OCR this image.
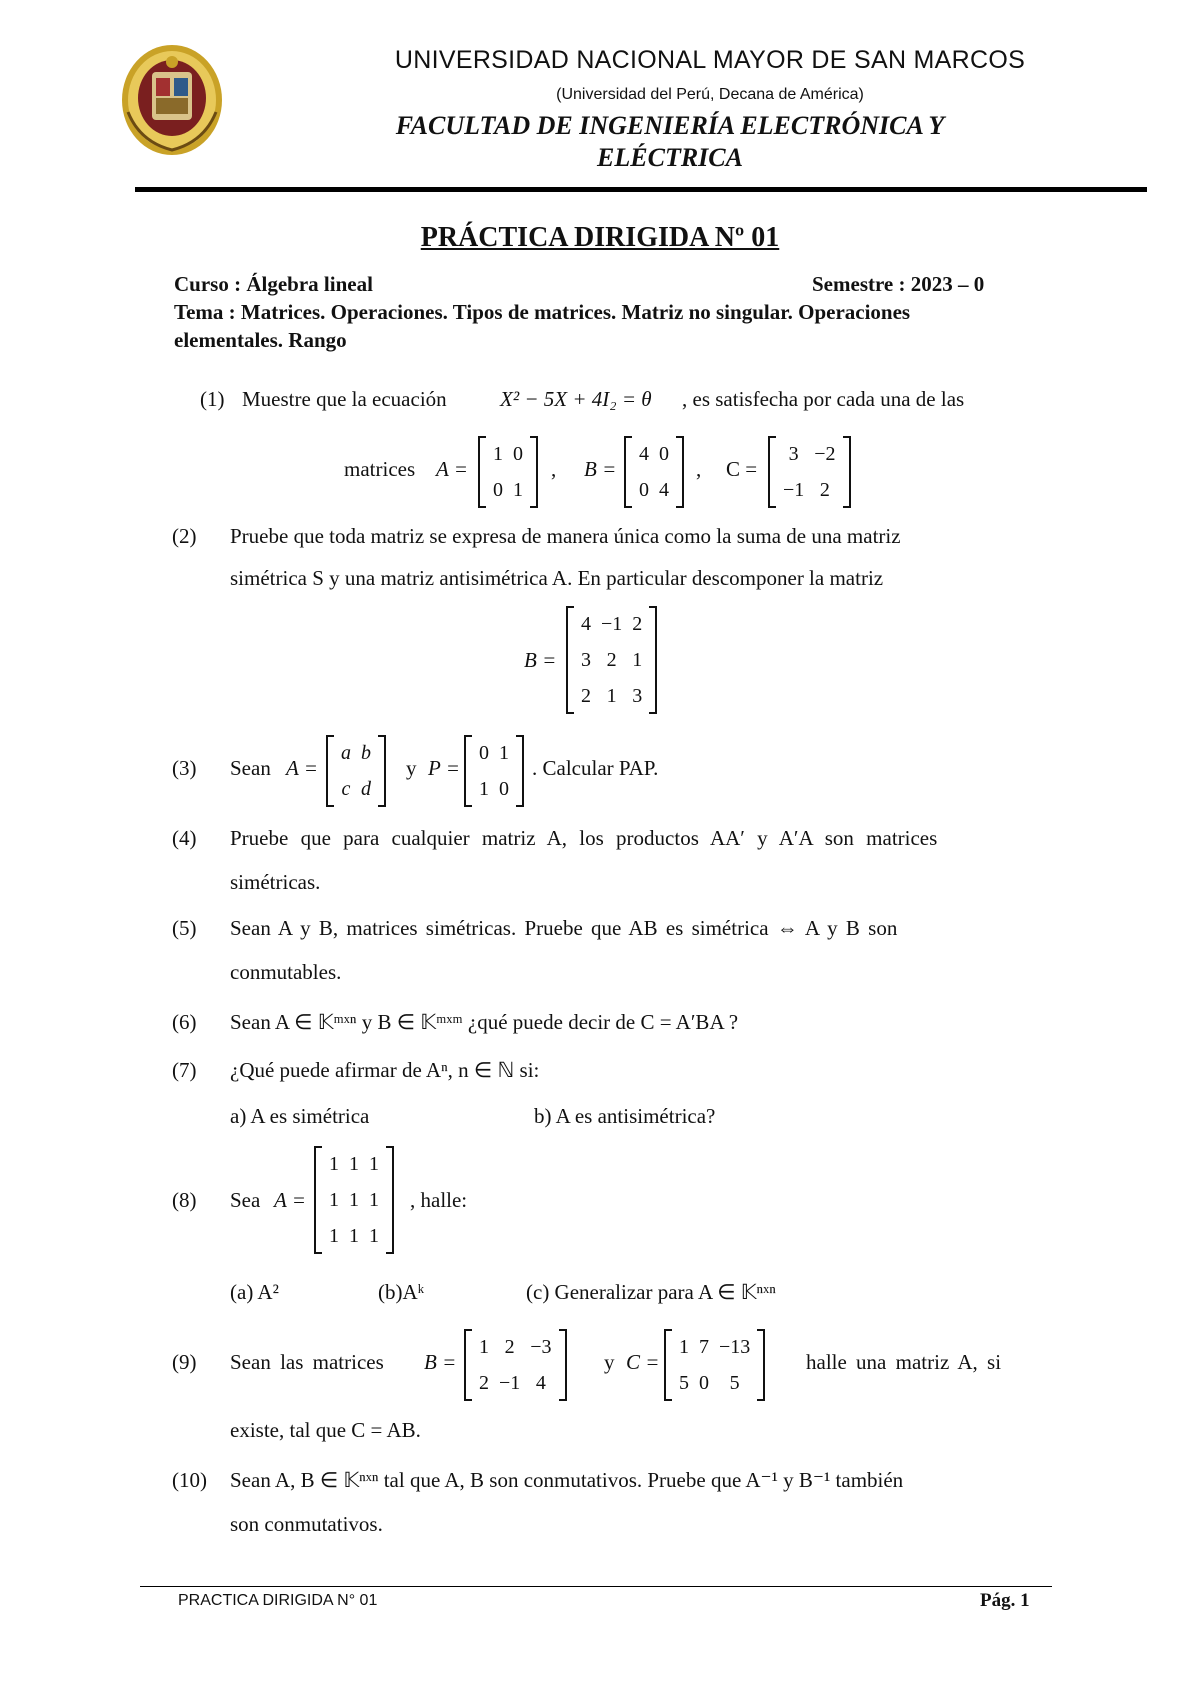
UNIVERSIDAD NACIONAL MAYOR DE SAN MARCOS
(Universidad del Perú, Decana de América)
FACULTAD DE INGENIERÍA ELECTRÓNICA Y
ELÉCTRICA
PRÁCTICA DIRIGIDA Nº 01
Curso : Álgebra lineal	Semestre : 2023 – 0
Tema : Matrices. Operaciones. Tipos de matrices. Matriz no singular. Operaciones
elementales. Rango
(1) Muestre que la ecuación	X² − 5X + 4I₂ = θ , es satisfecha por cada una de las
matrices A =
1	0
0	1
, B =
4	0
0	4
, C =
3	−2
−1	2
(2) Pruebe que toda matriz se expresa de manera única como la suma de una matriz
simétrica S y una matriz antisimétrica A. En particular descomponer la matriz
B =
4	−1	2
3	2	1
2	1	3
(3) Sean A =
a	b
c	d
y P =
0	1
1	0
. Calcular PAP.
(4) Pruebe que para cualquier matriz A, los productos AA′ y A′A son matrices
simétricas.
(5) Sean A y B, matrices simétricas. Pruebe que AB es simétrica ⇔ A y B son
conmutables.
(6) Sean A ∈ 𝕂ᵐˣⁿ y B ∈ 𝕂ᵐˣᵐ ¿qué puede decir de C = A′BA ?
(7) ¿Qué puede afirmar de Aⁿ, n ∈ ℕ si:
a) A es simétrica	b) A es antisimétrica?
(8) Sea A =
1	1	1
1	1	1
1	1	1
, halle:
(a) A²	(b)Aᵏ	(c) Generalizar para A ∈ 𝕂ⁿˣⁿ
(9) Sean las matrices B =
1	2	−3
2	−1	4
y C =
1	7	−13
5	0	5
halle una matriz A, si
existe, tal que C = AB.
(10) Sean A, B ∈ 𝕂ⁿˣⁿ tal que A, B son conmutativos. Pruebe que A⁻¹ y B⁻¹ también
son conmutativos.
PRACTICA DIRIGIDA N° 01	Pág. 1
